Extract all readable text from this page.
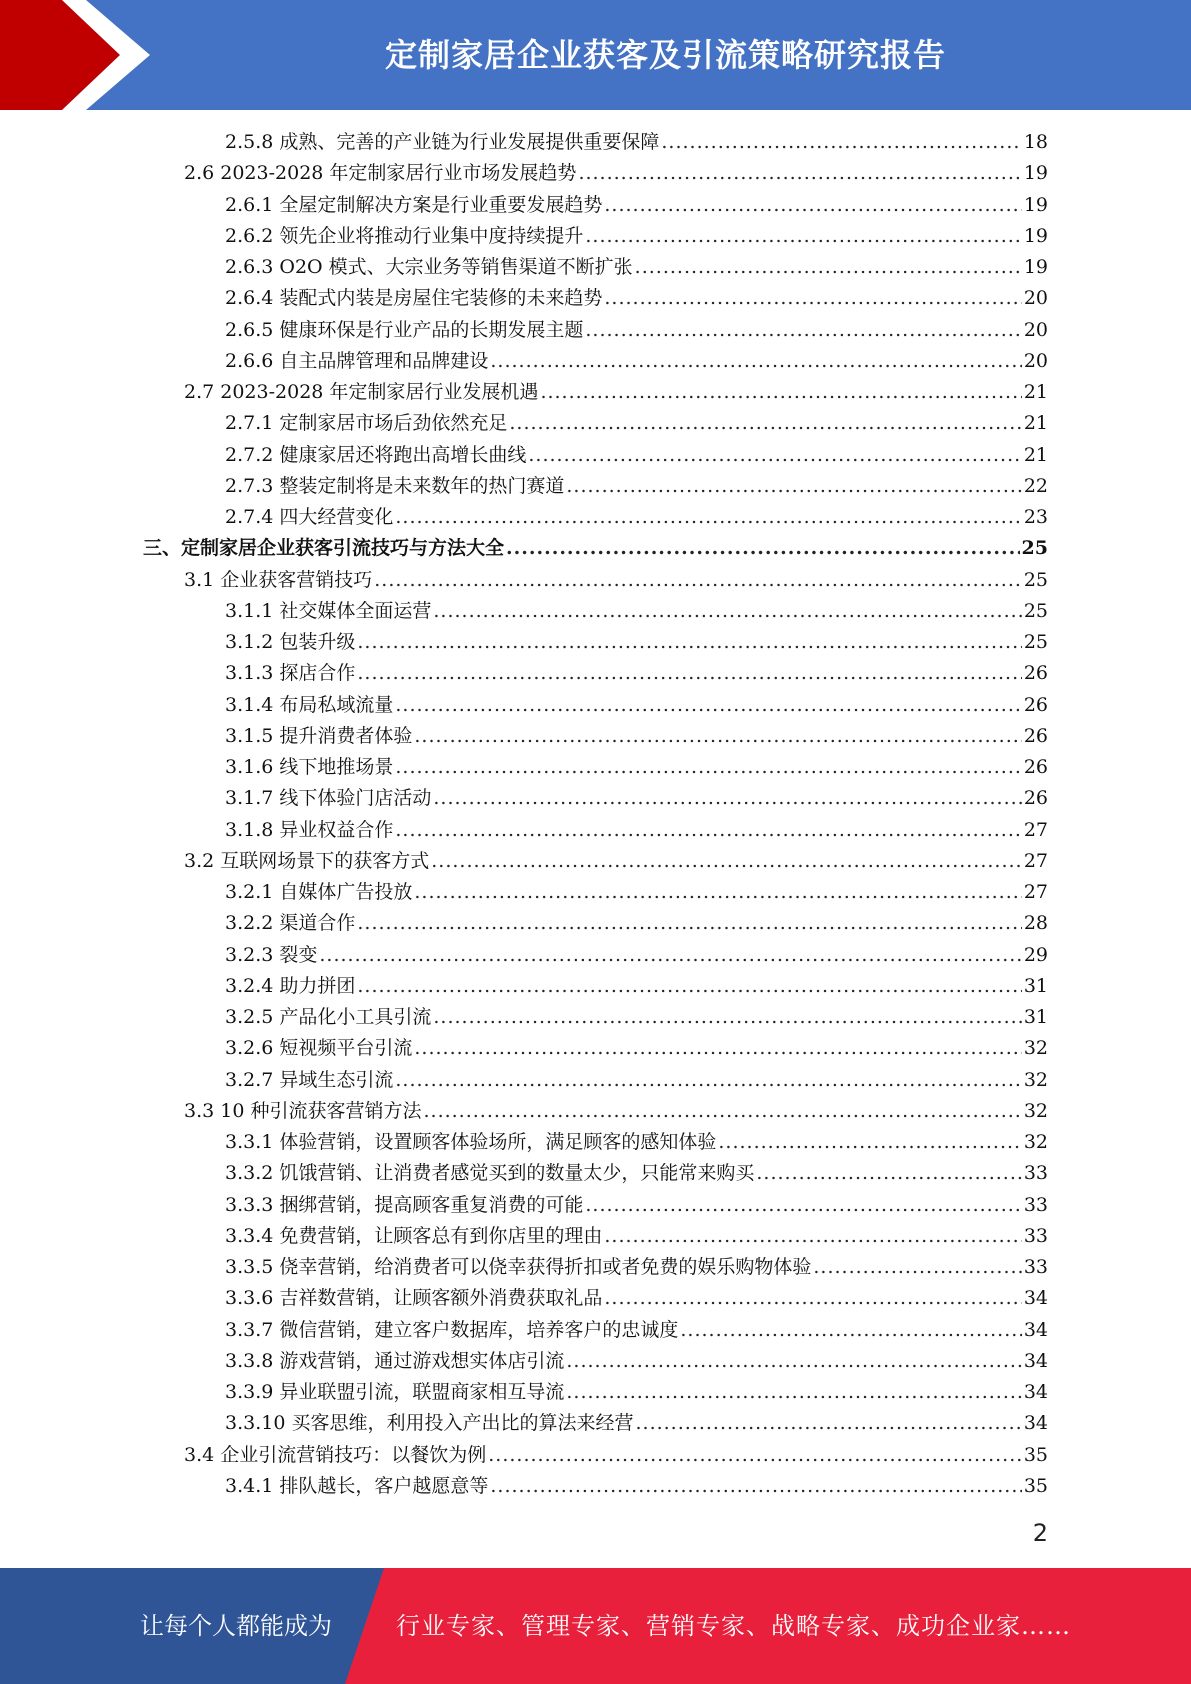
定制家居企业获客及引流策略研究报告
2.5.8 成熟、完善的产业链为行业发展提供重要保障 .....	18
2.6 2023-2028 年定制家居行业市场发展趋势 .....	19
2.6.1 全屋定制解决方案是行业重要发展趋势 .....	19
2.6.2 领先企业将推动行业集中度持续提升 .....	19
2.6.3 O2O 模式、大宗业务等销售渠道不断扩张 .....	19
2.6.4 装配式内装是房屋住宅装修的未来趋势 .....	20
2.6.5 健康环保是行业产品的长期发展主题 .....	20
2.6.6 自主品牌管理和品牌建设 .....	20
2.7 2023-2028 年定制家居行业发展机遇 .....	21
2.7.1 定制家居市场后劲依然充足 .....	21
2.7.2 健康家居还将跑出高增长曲线 .....	21
2.7.3 整装定制将是未来数年的热门赛道 .....	22
2.7.4 四大经营变化 .....	23
三、定制家居企业获客引流技巧与方法大全 .....	25
3.1 企业获客营销技巧 .....	25
3.1.1 社交媒体全面运营 .....	25
3.1.2 包装升级 .....	25
3.1.3 探店合作 .....	26
3.1.4 布局私域流量 .....	26
3.1.5 提升消费者体验 .....	26
3.1.6 线下地推场景 .....	26
3.1.7 线下体验门店活动 .....	26
3.1.8 异业权益合作 .....	27
3.2 互联网场景下的获客方式 .....	27
3.2.1 自媒体广告投放 .....	27
3.2.2 渠道合作 .....	28
3.2.3 裂变 .....	29
3.2.4 助力拼团 .....	31
3.2.5 产品化小工具引流 .....	31
3.2.6 短视频平台引流 .....	32
3.2.7 异域生态引流 .....	32
3.3 10 种引流获客营销方法 .....	32
3.3.1 体验营销，设置顾客体验场所，满足顾客的感知体验 .....	32
3.3.2 饥饿营销、让消费者感觉买到的数量太少，只能常来购买 .....	33
3.3.3 捆绑营销，提高顾客重复消费的可能 .....	33
3.3.4 免费营销，让顾客总有到你店里的理由 .....	33
3.3.5 侥幸营销，给消费者可以侥幸获得折扣或者免费的娱乐购物体验 .....	33
3.3.6 吉祥数营销，让顾客额外消费获取礼品 .....	34
3.3.7 微信营销，建立客户数据库，培养客户的忠诚度 .....	34
3.3.8 游戏营销，通过游戏想实体店引流 .....	34
3.3.9 异业联盟引流，联盟商家相互导流 .....	34
3.3.10 买客思维，利用投入产出比的算法来经营 .....	34
3.4 企业引流营销技巧：以餐饮为例 .....	35
3.4.1 排队越长，客户越愿意等 .....	35
2
让每个人都能成为	行业专家、管理专家、营销专家、战略专家、成功企业家……
